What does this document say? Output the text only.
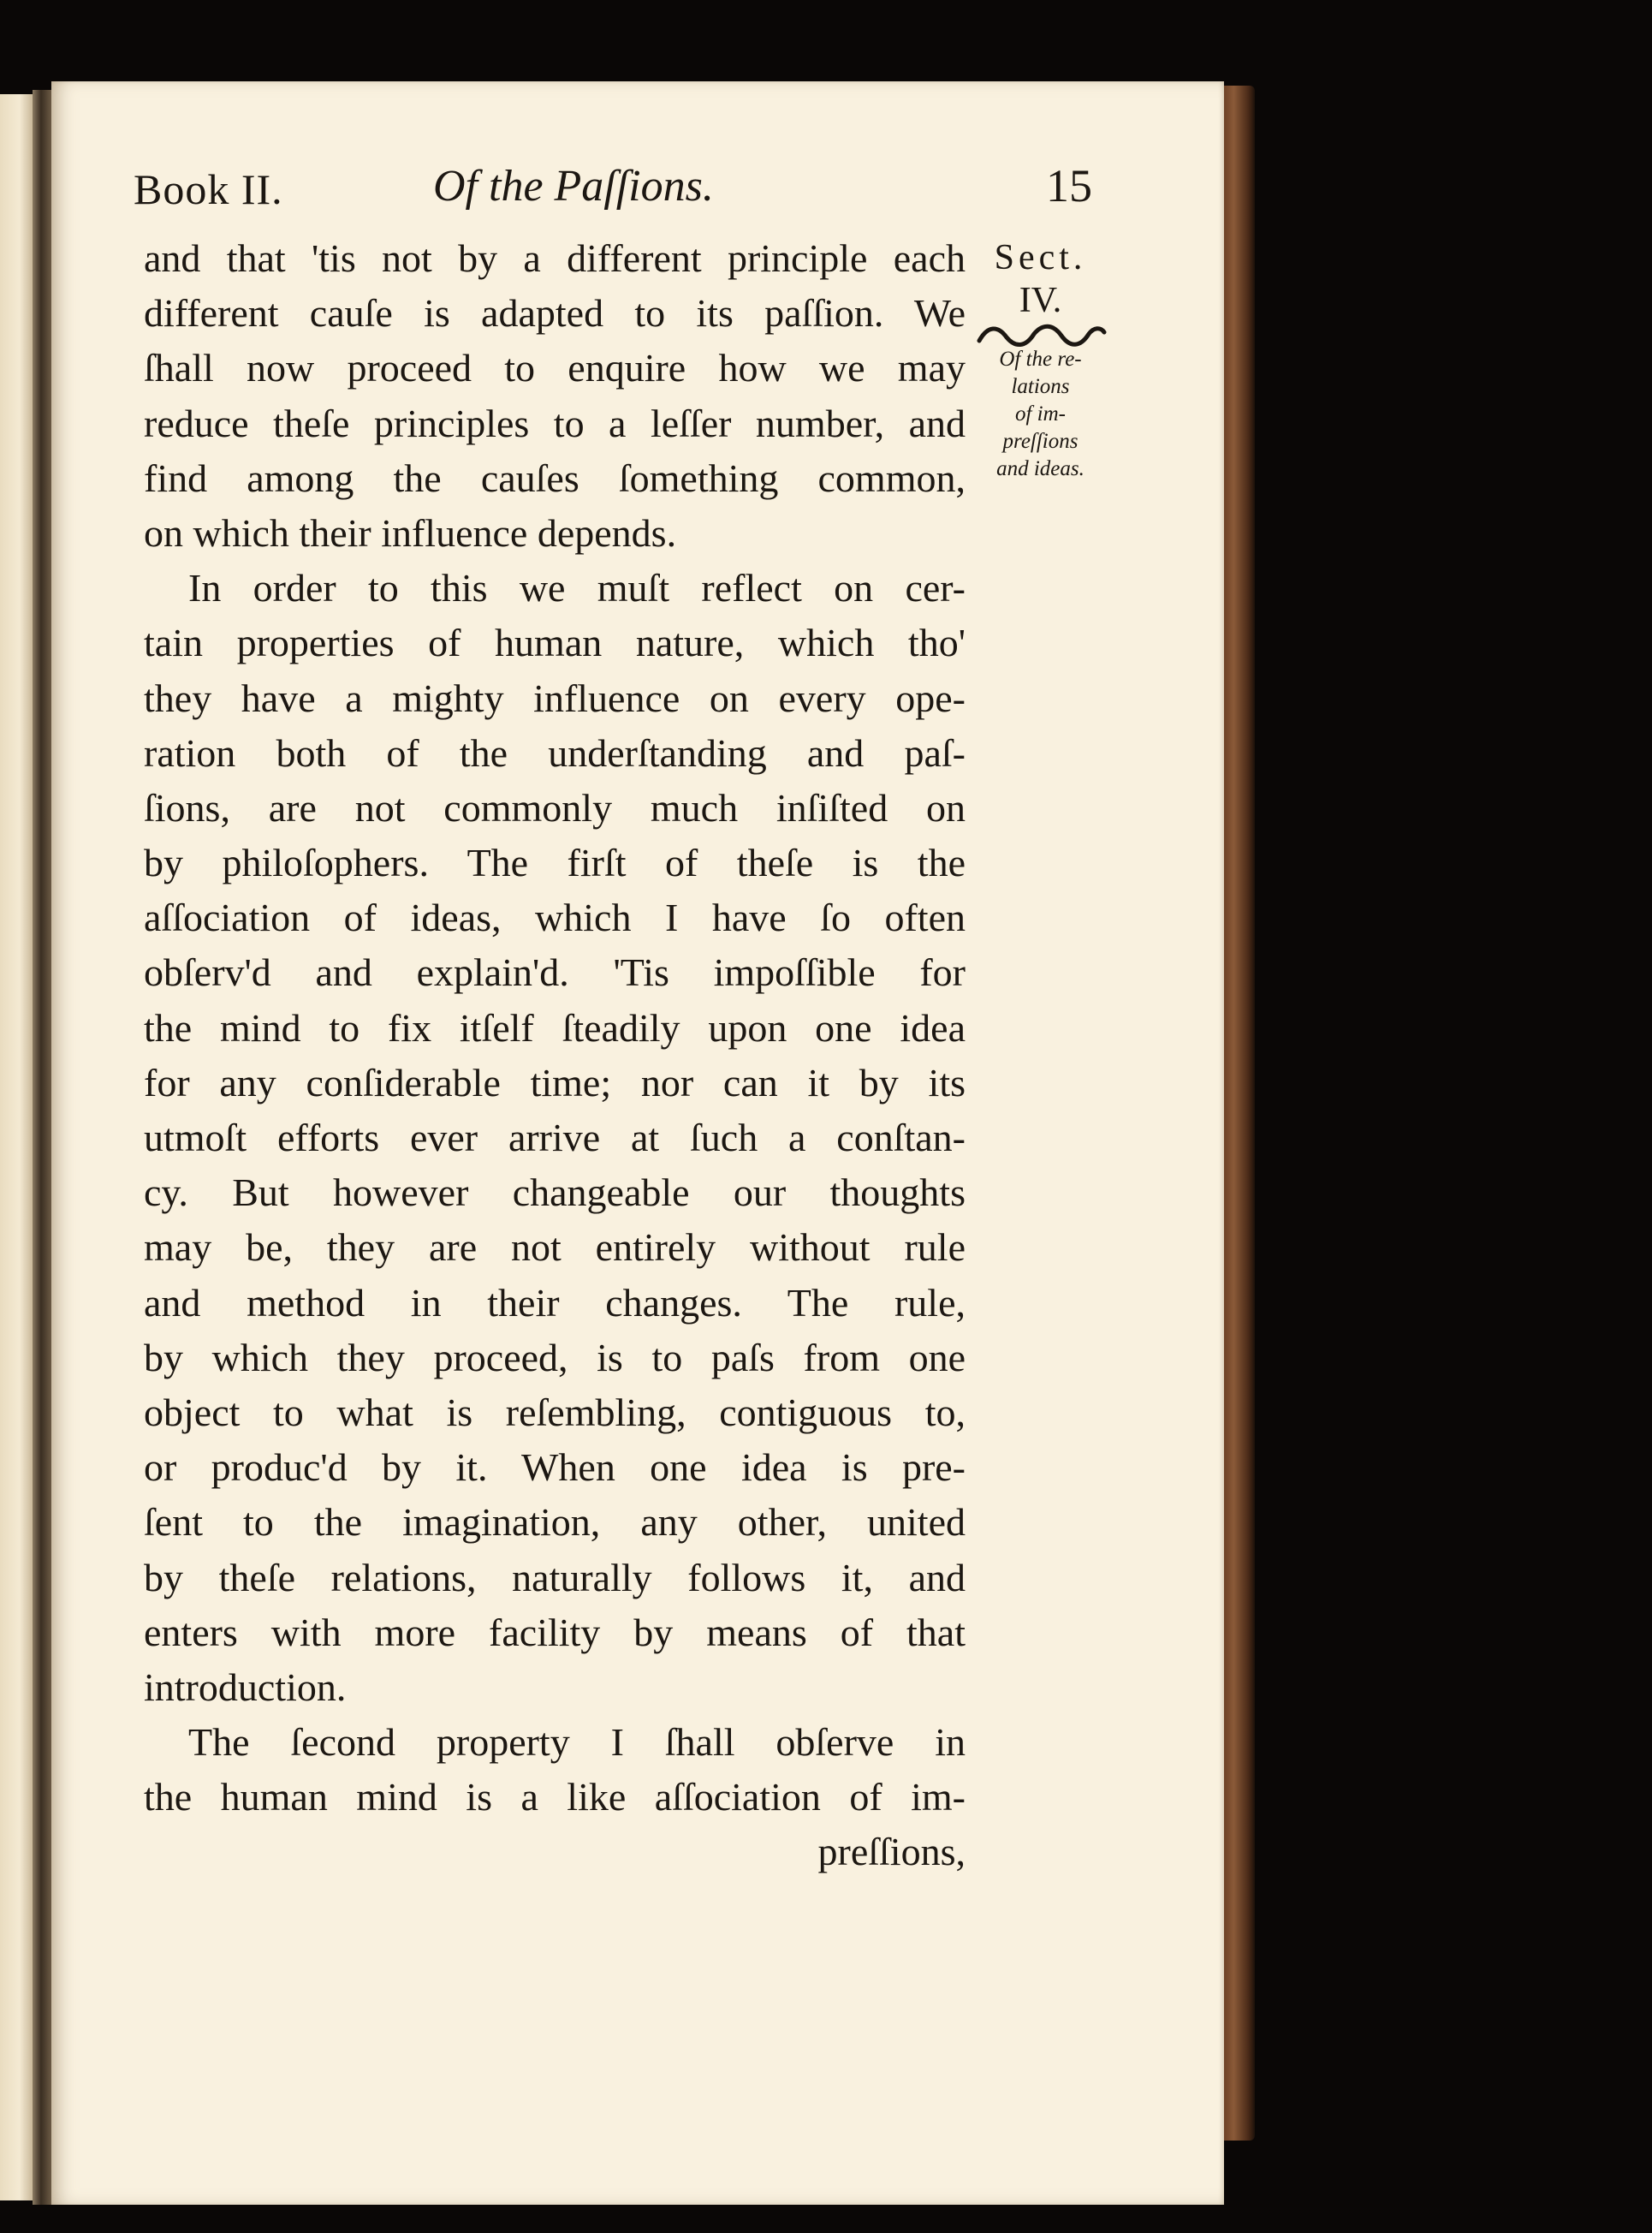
Book II.	Of the Paſſions.	15
and that 'tis not by a different principle each
different cauſe is adapted to its paſſion. We
ſhall now proceed to enquire how we may
reduce theſe principles to a leſſer number, and
find among the cauſes ſomething common,
on which their influence depends.
In order to this we muſt reflect on cer-
tain properties of human nature, which tho'
they have a mighty influence on every ope-
ration both of the underſtanding and paſ-
ſions, are not commonly much inſiſted on
by philoſophers. The firſt of theſe is the
aſſociation of ideas, which I have ſo often
obſerv'd and explain'd. 'Tis impoſſible for
the mind to fix itſelf ſteadily upon one idea
for any conſiderable time; nor can it by its
utmoſt efforts ever arrive at ſuch a conſtan-
cy. But however changeable our thoughts
may be, they are not entirely without rule
and method in their changes. The rule,
by which they proceed, is to paſs from one
object to what is reſembling, contiguous to,
or produc'd by it. When one idea is pre-
ſent to the imagination, any other, united
by theſe relations, naturally follows it, and
enters with more facility by means of that
introduction.
The ſecond property I ſhall obſerve in
the human mind is a like aſſociation of im-
preſſions,
Sect.
IV.
Of the re-
lations
of im-
preſſions
and ideas.
